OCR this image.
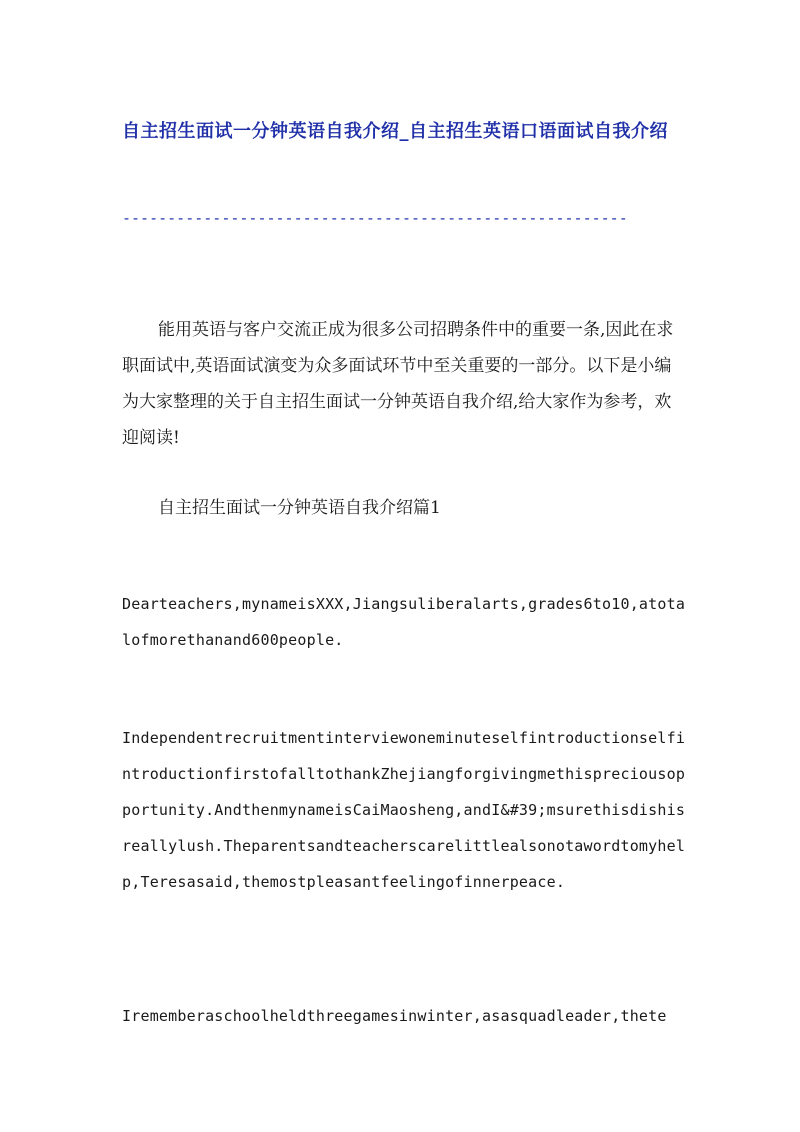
自主招生面试一分钟英语自我介绍_自主招生英语口语面试自我介绍
--------------------------------------------------------

能用英语与客户交流正成为很多公司招聘条件中的重要一条,因此在求职面试中,英语面试演变为众多面试环节中至关重要的一部分。以下是小编为大家整理的关于自主招生面试一分钟英语自我介绍,给大家作为参考，欢迎阅读!

自主招生面试一分钟英语自我介绍篇1

Dearteachers,mynameisXXX,Jiangsuliberalarts,grades6to10,atotalofmorethanand600people.

IndependentrecruitmentinterviewoneminuteselfintroductionselfintroductionfirstofalltothankZhejiangforgivingmethispreciousopportunity.AndthenmynameisCaiMaosheng,andI&#39;msurethisdishisreallylush.Theparentsandteacherscarelittlealsonotawordtomyhelp,Teresasaid,themostpleasantfeelingofinnerpeace.

Irememberaschoolheldthreegamesinwinter,asasquadleader,thete
